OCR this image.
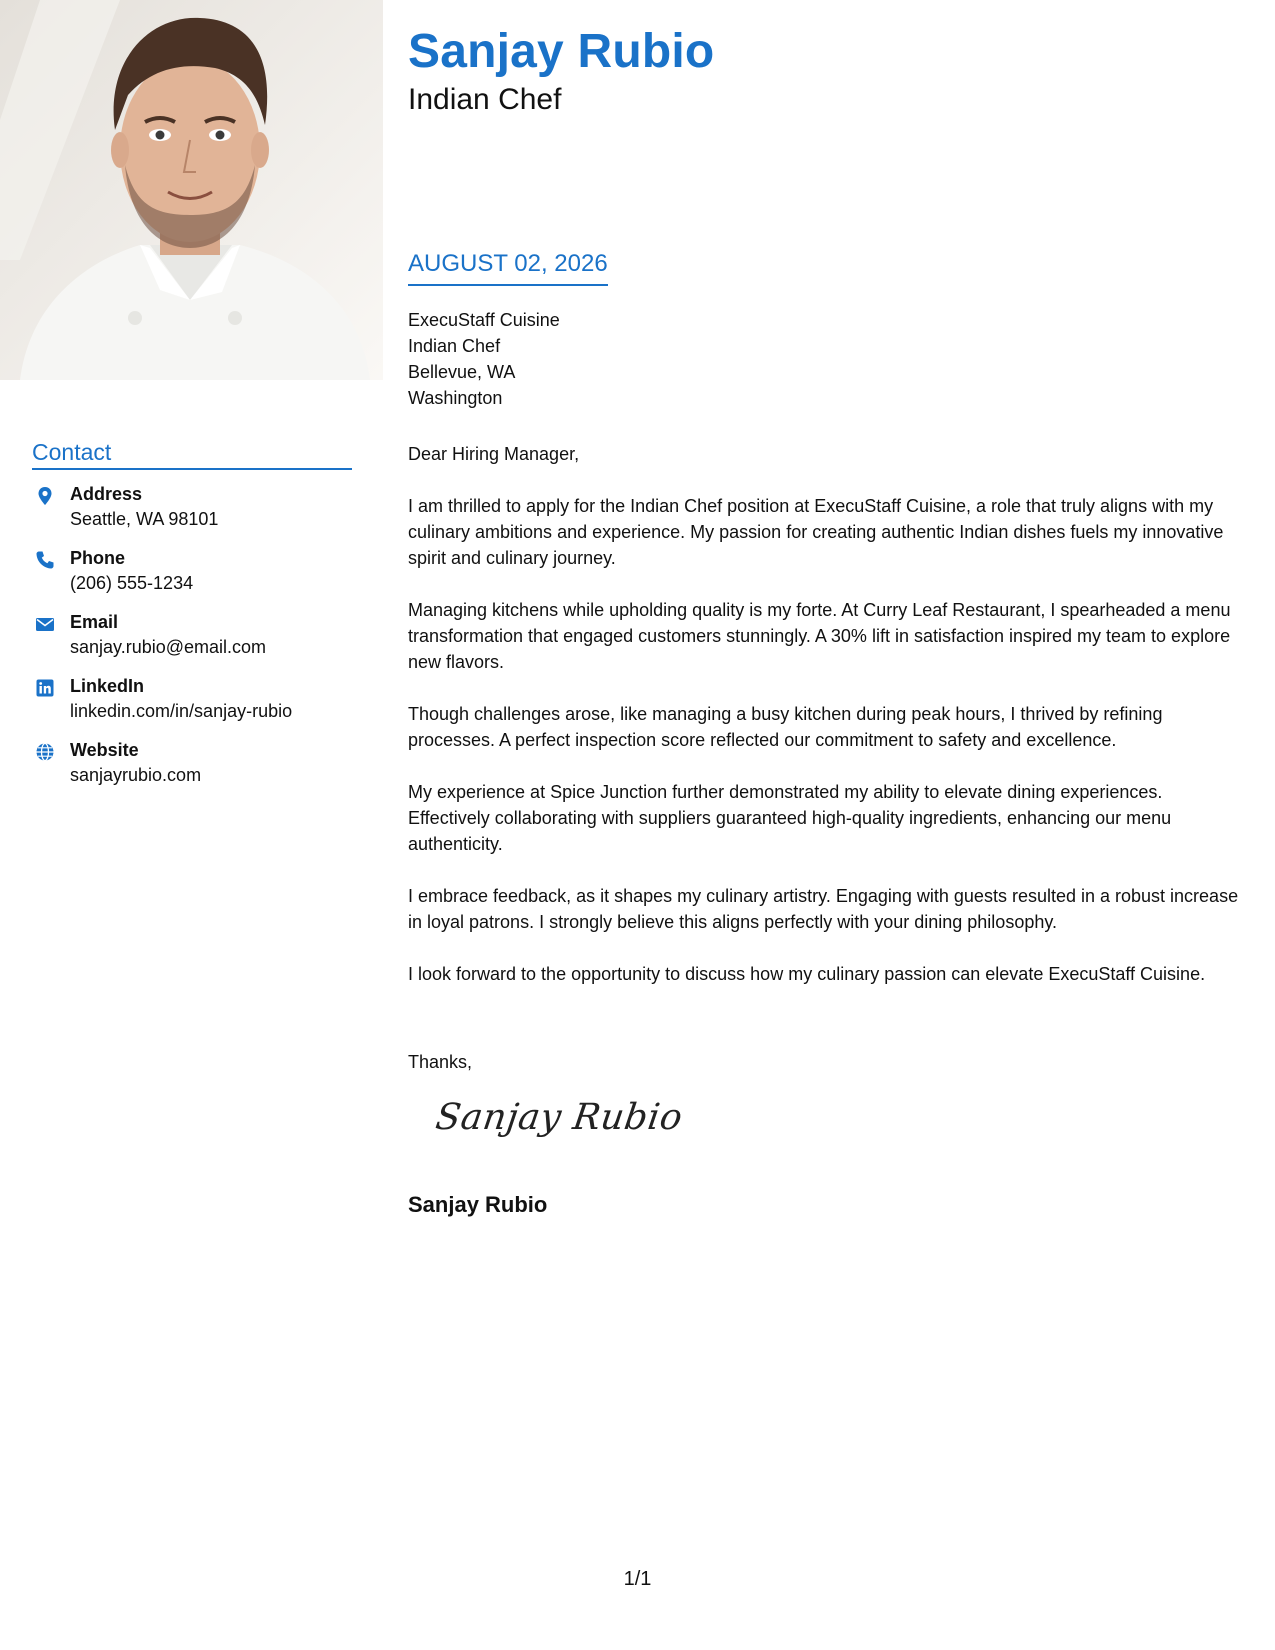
Contact
Address
Seattle, WA 98101
Phone
(206) 555-1234
Email
sanjay.rubio@email.com
LinkedIn
linkedin.com/in/sanjay-rubio
Website
sanjayrubio.com
Sanjay Rubio
Indian Chef
AUGUST 02, 2026
ExecuStaff Cuisine
Indian Chef
Bellevue, WA
Washington

Dear Hiring Manager,

I am thrilled to apply for the Indian Chef position at ExecuStaff Cuisine, a role that truly aligns with my culinary ambitions and experience. My passion for creating authentic Indian dishes fuels my innovative spirit and culinary journey.

Managing kitchens while upholding quality is my forte. At Curry Leaf Restaurant, I spearheaded a menu transformation that engaged customers stunningly. A 30% lift in satisfaction inspired my team to explore new flavors.

Though challenges arose, like managing a busy kitchen during peak hours, I thrived by refining processes. A perfect inspection score reflected our commitment to safety and excellence.

My experience at Spice Junction further demonstrated my ability to elevate dining experiences. Effectively collaborating with suppliers guaranteed high-quality ingredients, enhancing our menu authenticity.

I embrace feedback, as it shapes my culinary artistry. Engaging with guests resulted in a robust increase in loyal patrons. I strongly believe this aligns perfectly with your dining philosophy.

I look forward to the opportunity to discuss how my culinary passion can elevate ExecuStaff Cuisine.

Thanks,
Sanjay Rubio
Sanjay Rubio
1/1
